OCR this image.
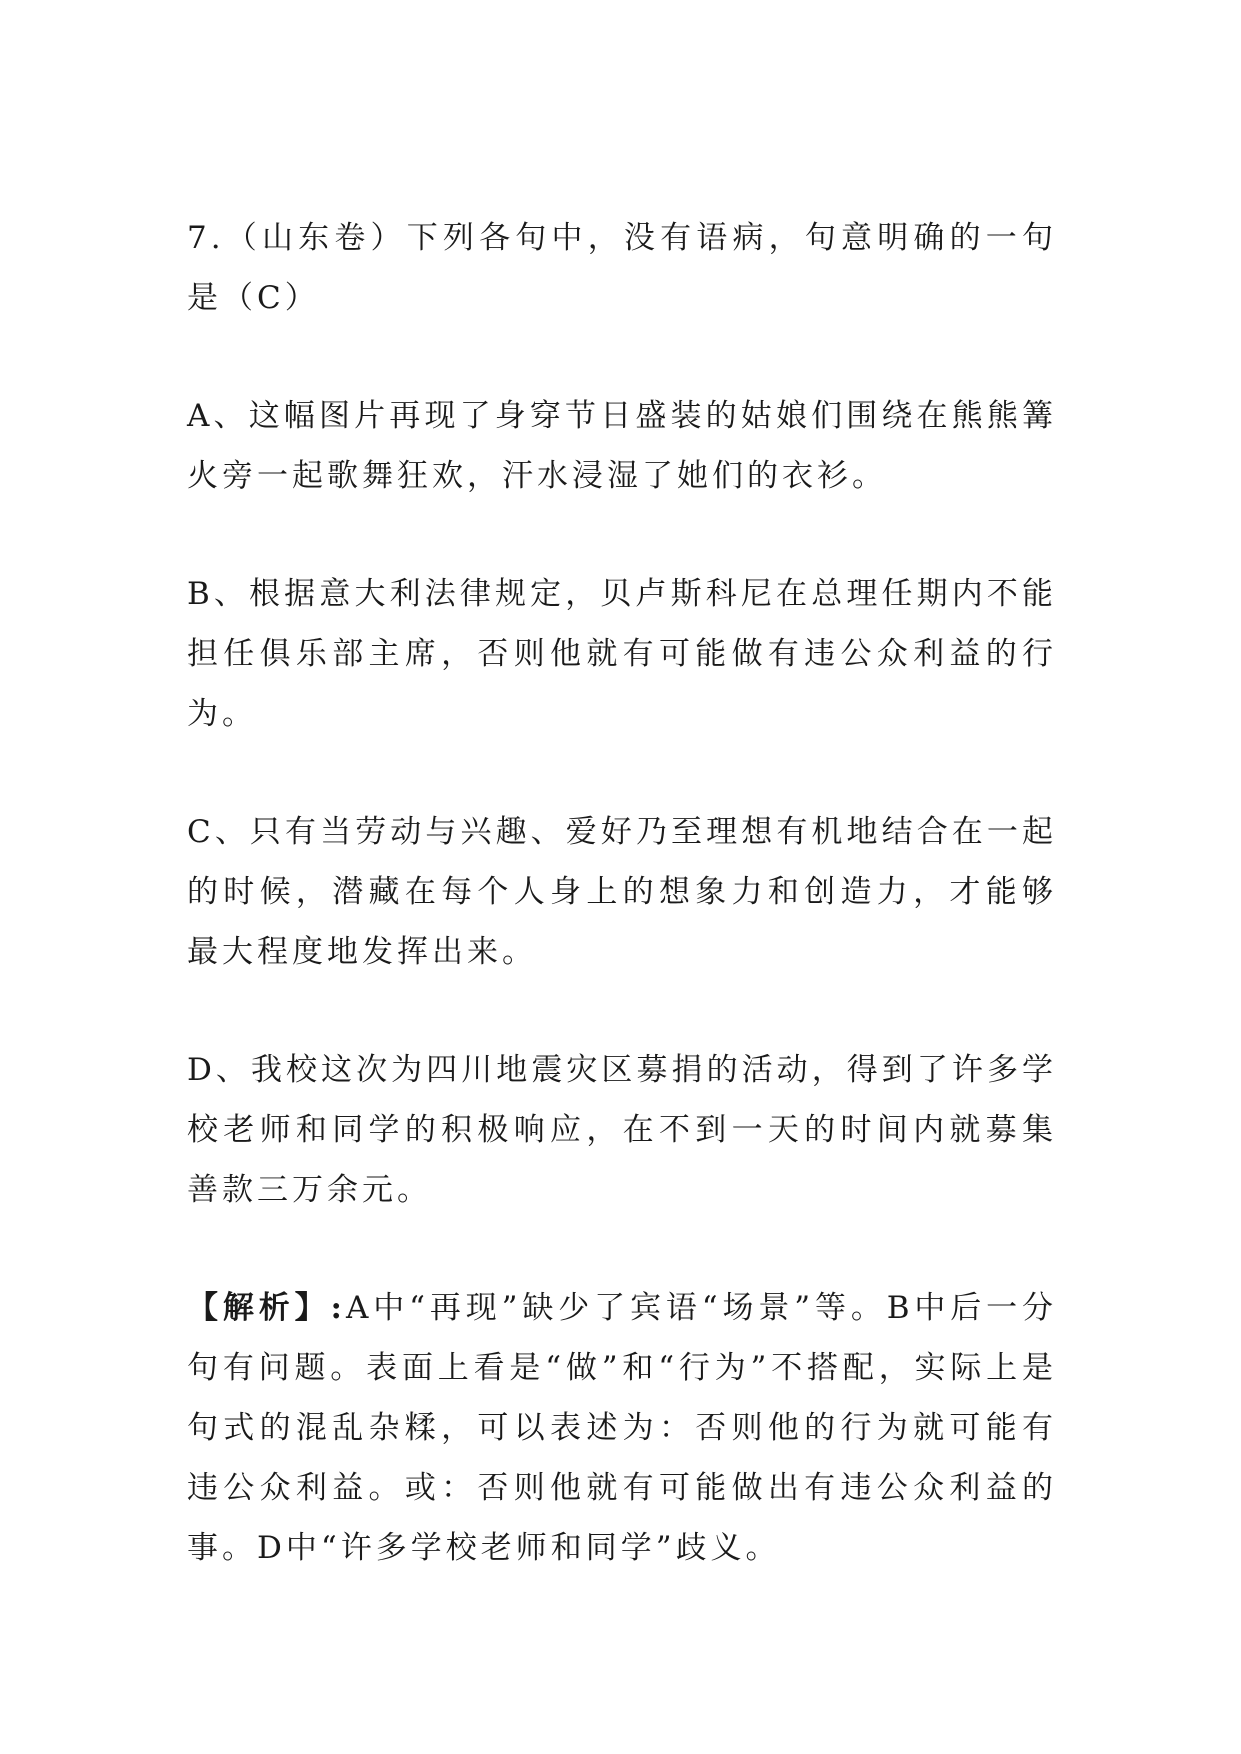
7.（山东卷）下列各句中，没有语病，句意明确的一句是（C）

A、这幅图片再现了身穿节日盛装的姑娘们围绕在熊熊篝火旁一起歌舞狂欢，汗水浸湿了她们的衣衫。

B、根据意大利法律规定，贝卢斯科尼在总理任期内不能担任俱乐部主席，否则他就有可能做有违公众利益的行为。

C、只有当劳动与兴趣、爱好乃至理想有机地结合在一起的时候，潜藏在每个人身上的想象力和创造力，才能够最大程度地发挥出来。

D、我校这次为四川地震灾区募捐的活动，得到了许多学校老师和同学的积极响应，在不到一天的时间内就募集善款三万余元。

【解析】:A中“再现”缺少了宾语“场景”等。B中后一分句有问题。表面上看是“做”和“行为”不搭配，实际上是句式的混乱杂糅，可以表述为：否则他的行为就可能有违公众利益。或：否则他就有可能做出有违公众利益的事。D中“许多学校老师和同学”歧义。
